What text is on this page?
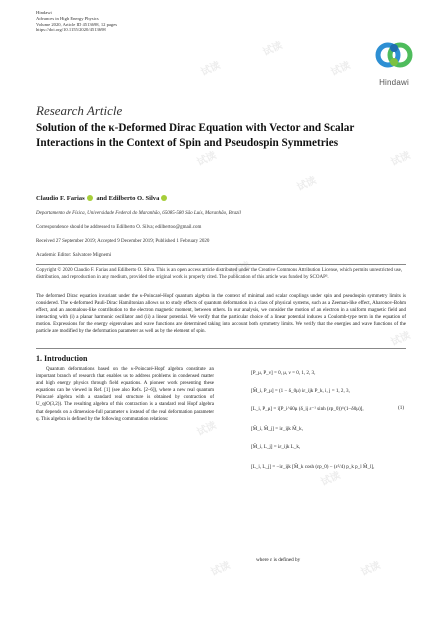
试读
试读
试读
试读
试读
试读
试读
试读
试读
试读
试读	试读
Hindawi
Advances in High Energy Physics
Volume 2020, Article ID 4513698, 12 pages
https://doi.org/10.1155/2020/4513698
Hindawi
Research Article
Solution of the κ-Deformed Dirac Equation with Vector and Scalar Interactions in the Context of Spin and Pseudospin Symmetries
Claudio F. Farias and Edilberto O. Silva
Departamento de Física, Universidade Federal do Maranhão, 65085-580 São Luís, Maranhão, Brazil
Correspondence should be addressed to Edilberto O. Silva; edilbertoo@gmail.com
Received 27 September 2019; Accepted 9 December 2019; Published 1 February 2020
Academic Editor: Salvatore Mignemi
Copyright © 2020 Claudio F. Farias and Edilberto O. Silva. This is an open access article distributed under the Creative Commons Attribution License, which permits unrestricted use, distribution, and reproduction in any medium, provided the original work is properly cited. The publication of this article was funded by SCOAP³.
The deformed Dirac equation invariant under the κ-Poincaré-Hopf quantum algebra in the context of minimal and scalar couplings under spin and pseudospin symmetry limits is considered. The κ-deformed Pauli-Dirac Hamiltonian allows us to study effects of quantum deformation in a class of physical systems, such as a Zeeman-like effect, Aharonov-Bohm effect, and an anomalous-like contribution to the electron magnetic moment, between others. In our analysis, we consider the motion of an electron in a uniform magnetic field and interacting with (i) a planar harmonic oscillator and (ii) a linear potential. We verify that the particular choice of a linear potential induces a Coulomb-type term in the equation of motion. Expressions for the energy eigenvalues and wave functions are determined taking into account both symmetry limits. We verify that the energies and wave functions of the particle are modified by the deformation parameter as well as by the element of spin.
1. Introduction

Quantum deformations based on the κ-Poincaré-Hopf algebra constitute an important branch of research that enables us to address problems in condensed matter and high energy physics through field equations. A pioneer work presenting these equations can be viewed in Ref. [1] (see also Refs. [2–6]), where a new real quantum Poincaré algebra with a standard real structure is obtained by contraction of U_q(O(3,2)). The resulting algebra of this contraction is a standard real Hopf algebra that depends on a dimension-full parameter κ instead of the real deformation parameter q. This algebra is defined by the following commutation relations:

[P_μ, P_ν] = 0, μ, ν = 0, 1, 2, 3,
[M̃_i, P_μ] = (1 − δ_0μ) iε_ijk P_k, i, j = 1, 2, 3,
[L_i, P_μ] = i[P_i^δ0μ (δ_ij ε⁻¹ sinh (εp_0))^(1−δ0μ)],
[M̃_i, M̃_j] = iε_ijk M̃_k,
[M̃_i, L_j] = iε_ijk L_k,
[L_i, L_j] = −iε_ijk [M̃_k cosh (εp_0) − (ε²/4) p_k p_l M̃_l],
(1)
where ε is defined by
